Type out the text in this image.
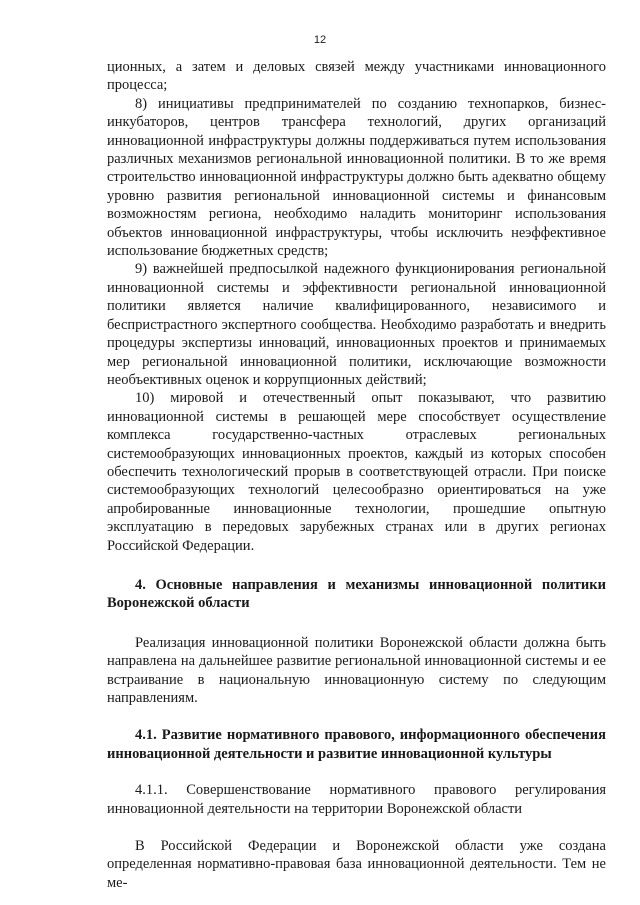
12

ционных, а затем и деловых связей между участниками инновационного процесса;

8) инициативы предпринимателей по созданию технопарков, бизнес-инкубаторов, центров трансфера технологий, других организаций инновационной инфраструктуры должны поддерживаться путем использования различных механизмов региональной инновационной политики. В то же время строительство инновационной инфраструктуры должно быть адекватно общему уровню развития региональной инновационной системы и финансовым возможностям региона, необходимо наладить мониторинг использования объектов инновационной инфраструктуры, чтобы исключить неэффективное использование бюджетных средств;

9) важнейшей предпосылкой надежного функционирования региональной инновационной системы и эффективности региональной инновационной политики является наличие квалифицированного, независимого и беспристрастного экспертного сообщества. Необходимо разработать и внедрить процедуры экспертизы инноваций, инновационных проектов и принимаемых мер региональной инновационной политики, исключающие возможности необъективных оценок и коррупционных действий;

10) мировой и отечественный опыт показывают, что развитию инновационной системы в решающей мере способствует осуществление комплекса государственно-частных отраслевых региональных системообразующих инновационных проектов, каждый из которых способен обеспечить технологический прорыв в соответствующей отрасли. При поиске системообразующих технологий целесообразно ориентироваться на уже апробированные инновационные технологии, прошедшие опытную эксплуатацию в передовых зарубежных странах или в других регионах Российской Федерации.

4. Основные направления и механизмы инновационной политики Воронежской области

Реализация инновационной политики Воронежской области должна быть направлена на дальнейшее развитие региональной инновационной системы и ее встраивание в национальную инновационную систему по следующим направлениям.

4.1. Развитие нормативного правового, информационного обеспечения инновационной деятельности и развитие инновационной культуры

4.1.1. Совершенствование нормативного правового регулирования инновационной деятельности на территории Воронежской области

В Российской Федерации и Воронежской области уже создана определенная нормативно-правовая база инновационной деятельности. Тем не ме-
